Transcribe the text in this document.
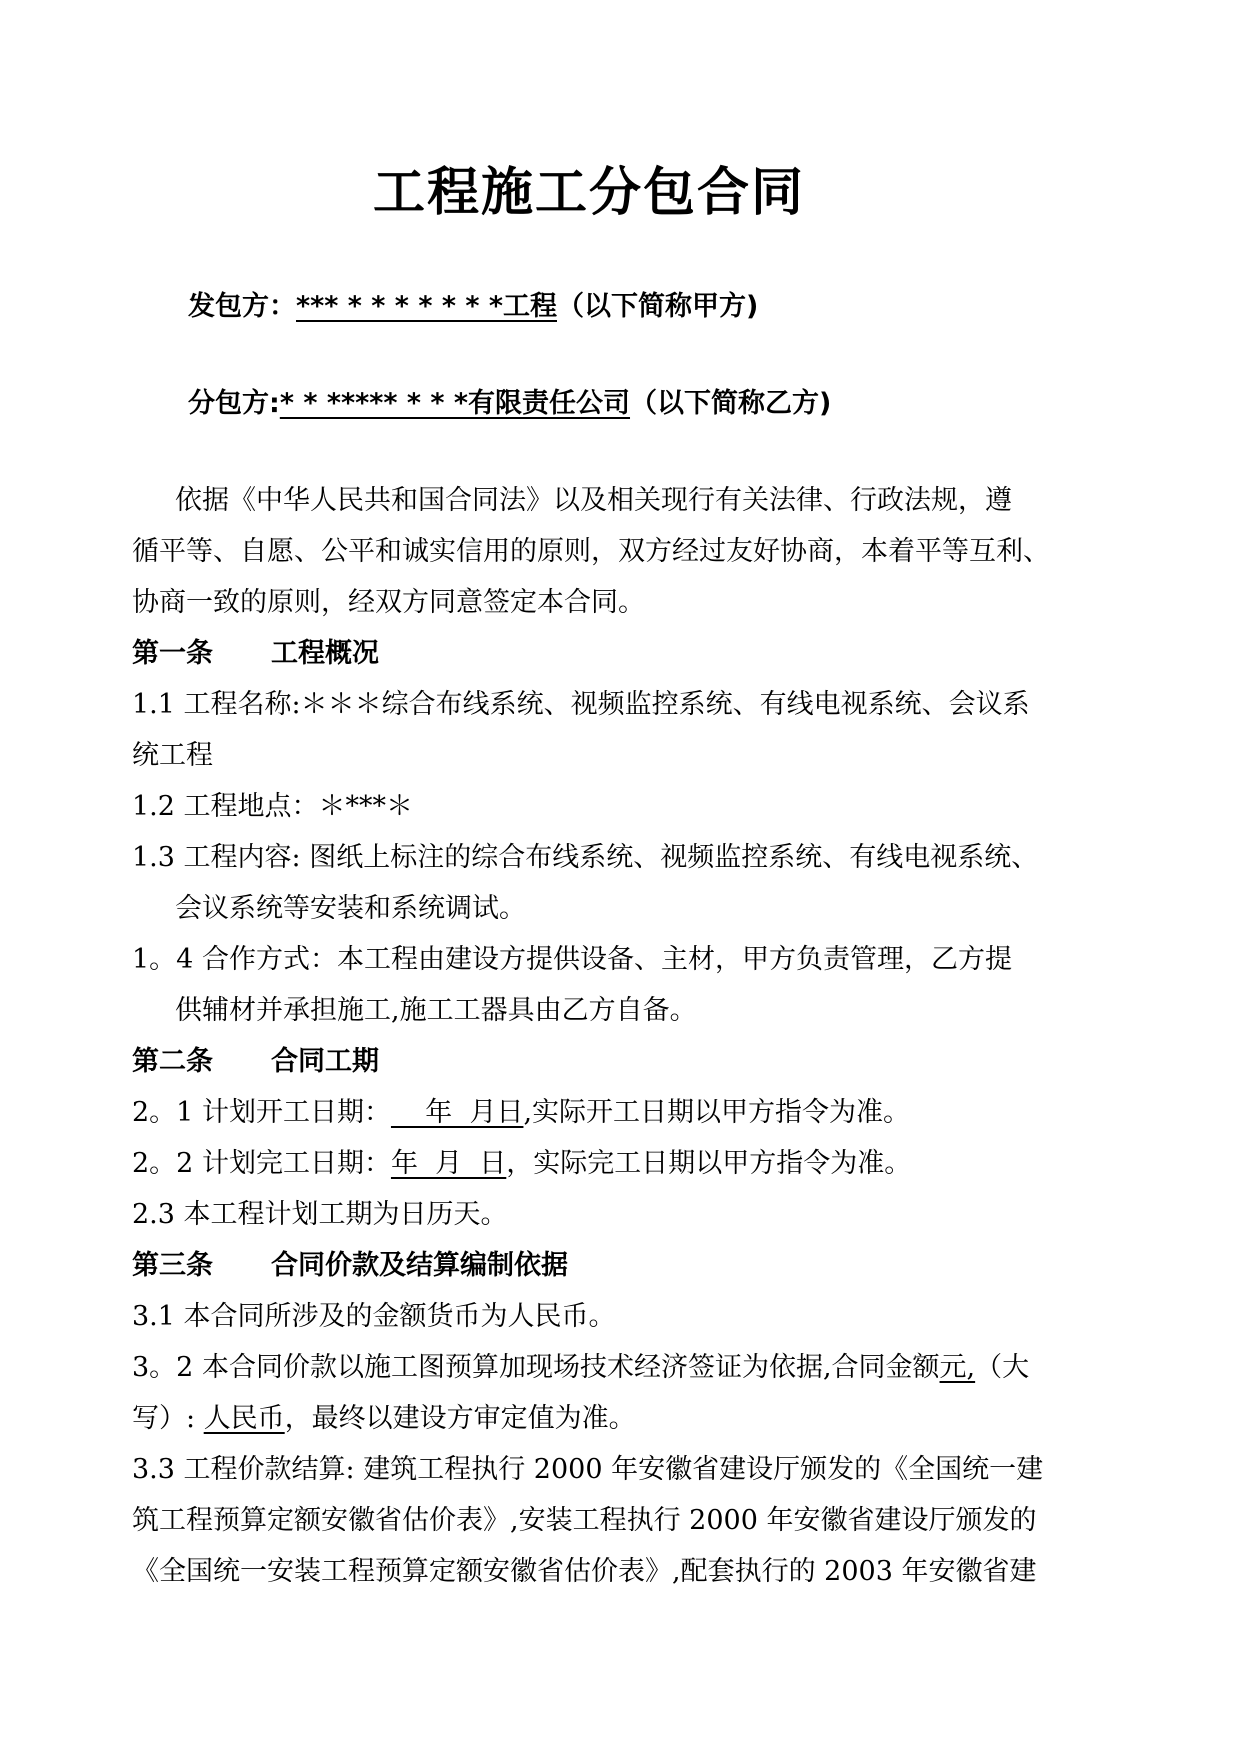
工程施工分包合同
发包方：*** * * * * * * *工程（以下简称甲方)
分包方:* * ***** * * *有限责任公司（以下简称乙方)
依据《中华人民共和国合同法》以及相关现行有关法律、行政法规，遵
循平等、自愿、公平和诚实信用的原则，双方经过友好协商，本着平等互利、
协商一致的原则，经双方同意签定本合同。
第一条 工程概况
1.1 工程名称:＊＊＊综合布线系统、视频监控系统、有线电视系统、会议系
统工程
1.2 工程地点：＊***＊
1.3 工程内容: 图纸上标注的综合布线系统、视频监控系统、有线电视系统、
会议系统等安装和系统调试。
1。4 合作方式：本工程由建设方提供设备、主材，甲方负责管理，乙方提
供辅材并承担施工,施工工器具由乙方自备。
第二条 合同工期
2。1 计划开工日期：    年  月日,实际开工日期以甲方指令为准。
2。2 计划完工日期：年  月  日，实际完工日期以甲方指令为准。
2.3 本工程计划工期为日历天。
第三条 合同价款及结算编制依据
3.1 本合同所涉及的金额货币为人民币。
3。2 本合同价款以施工图预算加现场技术经济签证为依据,合同金额元,（大
写）: 人民币，最终以建设方审定值为准。
3.3 工程价款结算: 建筑工程执行 2000 年安徽省建设厅颁发的《全国统一建
筑工程预算定额安徽省估价表》,安装工程执行 2000 年安徽省建设厅颁发的
《全国统一安装工程预算定额安徽省估价表》,配套执行的 2003 年安徽省建
